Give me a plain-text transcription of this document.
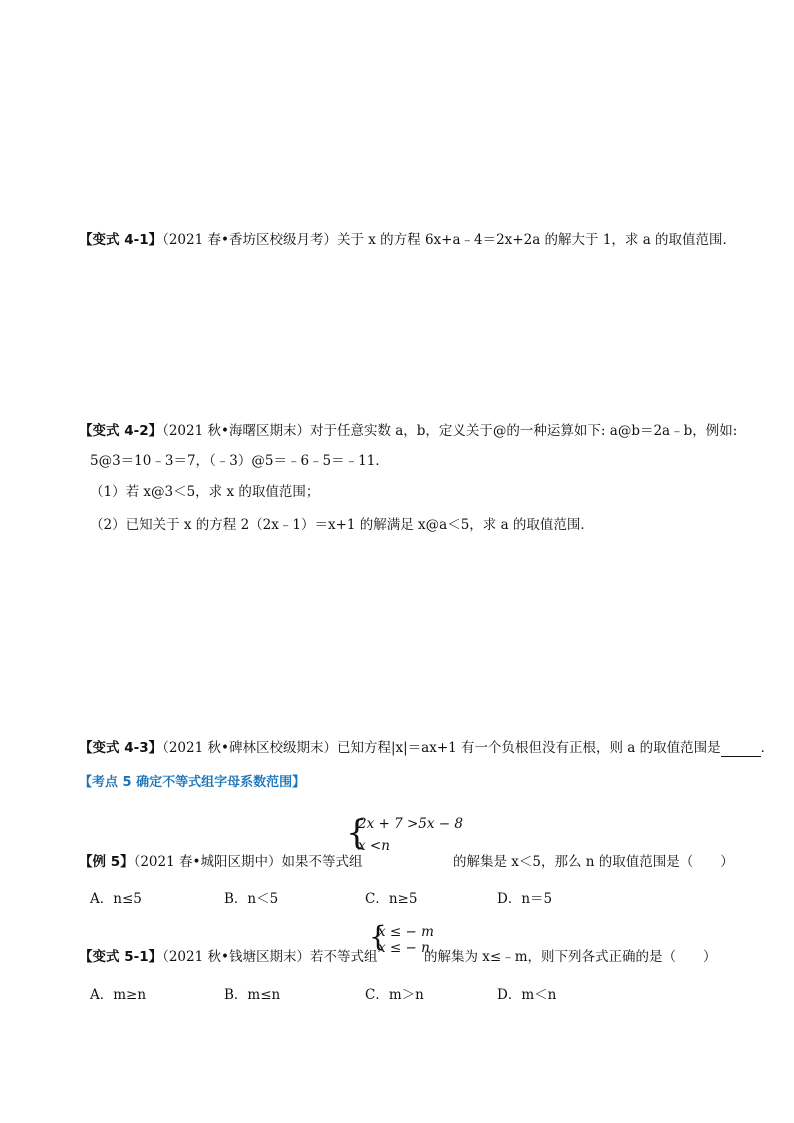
【变式 4-1】（2021 春•香坊区校级月考）关于 x 的方程 6x+a﹣4＝2x+2a 的解大于 1，求 a 的取值范围．
【变式 4-2】（2021 秋•海曙区期末）对于任意实数 a，b，定义关于@的一种运算如下: a@b＝2a﹣b，例如:
5@3＝10﹣3＝7，（﹣3）@5＝﹣6﹣5＝﹣11．
（1）若 x@3＜5，求 x 的取值范围；
（2）已知关于 x 的方程 2（2x﹣1）＝x+1 的解满足 x@a＜5，求 a 的取值范围．
【变式 4-3】（2021 秋•碑林区校级期末）已知方程|x|＝ax+1 有一个负根但没有正根，则 a 的取值范围是	．
【考点 5 确定不等式组字母系数范围】
{
2x + 7 >5x − 8
x <n
【例 5】（2021 春•城阳区期中）如果不等式组	的解集是 x＜5，那么 n 的取值范围是（　　）
A．n≤5	B．n＜5	C．n≥5	D．n＝5
{
x ≤ − m
x ≤ − n
【变式 5-1】（2021 秋•钱塘区期末）若不等式组	的解集为 x≤﹣m，则下列各式正确的是（　　）
A．m≥n	B．m≤n	C．m＞n	D．m＜n
